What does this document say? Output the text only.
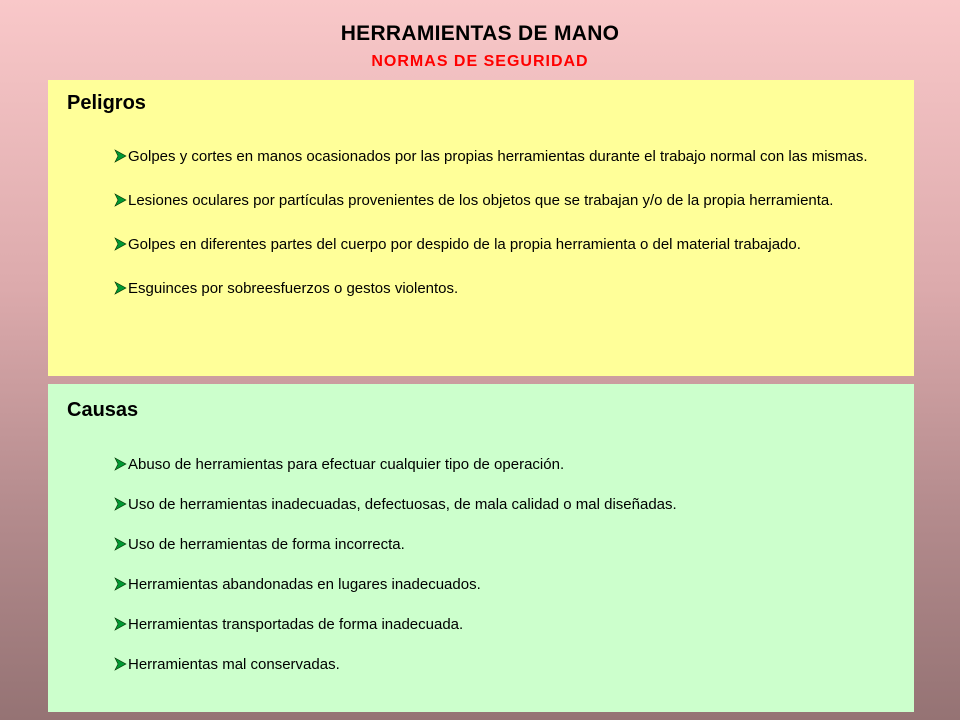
HERRAMIENTAS DE MANO
NORMAS DE SEGURIDAD
Peligros
Golpes y cortes en manos ocasionados por las propias herramientas durante el trabajo normal con las mismas.
Lesiones oculares por partículas provenientes de los objetos que se trabajan y/o de la propia herramienta.
Golpes en diferentes partes del cuerpo por despido de la propia herramienta o del material trabajado.
Esguinces por sobreesfuerzos o gestos violentos.
Causas
Abuso de herramientas para efectuar cualquier tipo de operación.
Uso de herramientas inadecuadas, defectuosas, de mala calidad o mal diseñadas.
Uso de herramientas de forma incorrecta.
Herramientas abandonadas en lugares inadecuados.
Herramientas transportadas de forma inadecuada.
Herramientas mal conservadas.
